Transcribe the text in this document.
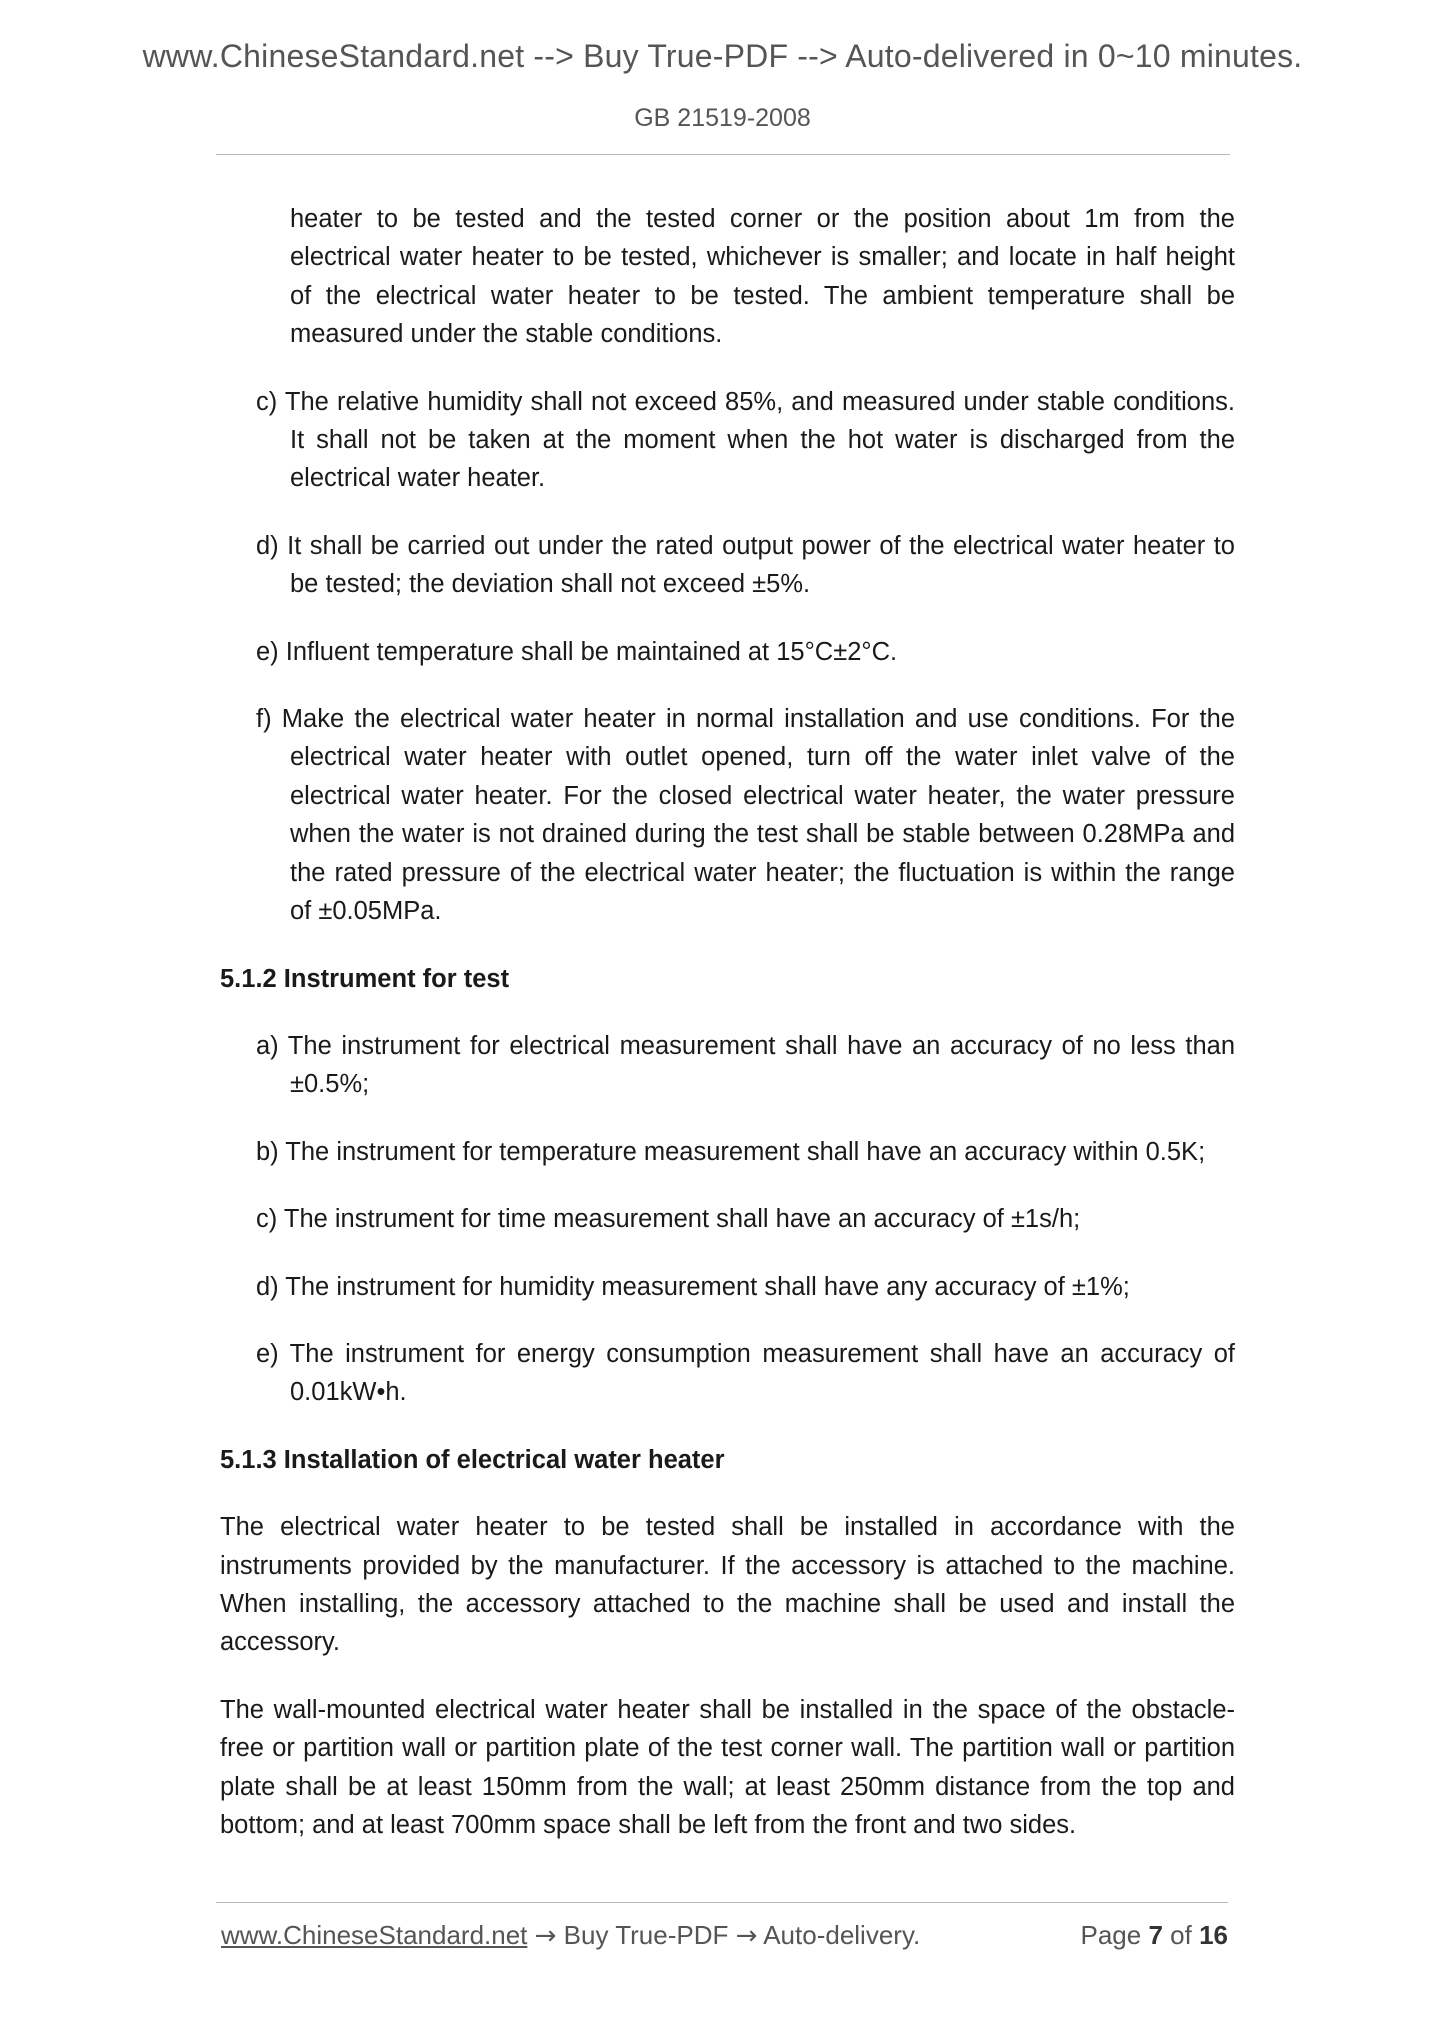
www.ChineseStandard.net --> Buy True-PDF --> Auto-delivered in 0~10 minutes.
GB 21519-2008

heater to be tested and the tested corner or the position about 1m from the electrical water heater to be tested, whichever is smaller; and locate in half height of the electrical water heater to be tested. The ambient temperature shall be measured under the stable conditions.

c) The relative humidity shall not exceed 85%, and measured under stable conditions. It shall not be taken at the moment when the hot water is discharged from the electrical water heater.

d) It shall be carried out under the rated output power of the electrical water heater to be tested; the deviation shall not exceed ±5%.

e) Influent temperature shall be maintained at 15°C±2°C.

f) Make the electrical water heater in normal installation and use conditions. For the electrical water heater with outlet opened, turn off the water inlet valve of the electrical water heater. For the closed electrical water heater, the water pressure when the water is not drained during the test shall be stable between 0.28MPa and the rated pressure of the electrical water heater; the fluctuation is within the range of ±0.05MPa.

5.1.2 Instrument for test

a) The instrument for electrical measurement shall have an accuracy of no less than ±0.5%;

b) The instrument for temperature measurement shall have an accuracy within 0.5K;

c) The instrument for time measurement shall have an accuracy of ±1s/h;

d) The instrument for humidity measurement shall have any accuracy of ±1%;

e) The instrument for energy consumption measurement shall have an accuracy of 0.01kW•h.

5.1.3 Installation of electrical water heater

The electrical water heater to be tested shall be installed in accordance with the instruments provided by the manufacturer. If the accessory is attached to the machine. When installing, the accessory attached to the machine shall be used and install the accessory.

The wall-mounted electrical water heater shall be installed in the space of the obstacle-free or partition wall or partition plate of the test corner wall. The partition wall or partition plate shall be at least 150mm from the wall; at least 250mm distance from the top and bottom; and at least 700mm space shall be left from the front and two sides.

www.ChineseStandard.net → Buy True-PDF → Auto-delivery.	Page 7 of 16
